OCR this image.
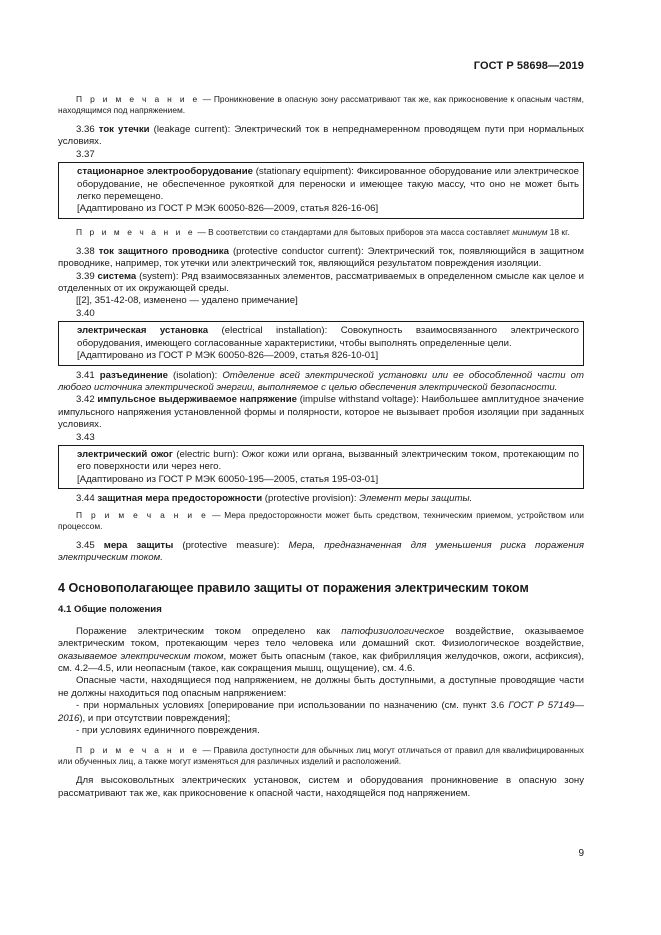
ГОСТ Р 58698—2019

П р и м е ч а н и е — Проникновение в опасную зону рассматривают так же, как прикосновение к опасным частям, находящимся под напряжением.

3.36 ток утечки (leakage current): Электрический ток в непреднамеренном проводящем пути при нормальных условиях.

3.37

стационарное электрооборудование (stationary equipment): Фиксированное оборудование или электрическое оборудование, не обеспеченное рукояткой для переноски и имеющее такую массу, что оно не может быть легко перемещено.

[Адаптировано из ГОСТ Р МЭК 60050-826—2009, статья 826-16-06]

П р и м е ч а н и е — В соответствии со стандартами для бытовых приборов эта масса составляет минимум 18 кг.

3.38 ток защитного проводника (protective conductor current): Электрический ток, появляющийся в защитном проводнике, например, ток утечки или электрический ток, являющийся результатом повреждения изоляции.

3.39 система (system): Ряд взаимосвязанных элементов, рассматриваемых в определенном смысле как целое и отделенных от их окружающей среды.

[[2], 351-42-08, изменено — удалено примечание]

3.40

электрическая установка (electrical installation): Совокупность взаимосвязанного электрического оборудования, имеющего согласованные характеристики, чтобы выполнять определенные цели.

[Адаптировано из ГОСТ Р МЭК 60050-826—2009, статья 826-10-01]

3.41 разъединение (isolation): Отделение всей электрической установки или ее обособленной части от любого источника электрической энергии, выполняемое с целью обеспечения электрической безопасности.

3.42 импульсное выдерживаемое напряжение (impulse withstand voltage): Наибольшее амплитудное значение импульсного напряжения установленной формы и полярности, которое не вызывает пробоя изоляции при заданных условиях.

3.43

электрический ожог (electric burn): Ожог кожи или органа, вызванный электрическим током, протекающим по его поверхности или через него.

[Адаптировано из ГОСТ Р МЭК 60050-195—2005, статья 195-03-01]

3.44 защитная мера предосторожности (protective provision): Элемент меры защиты.

П р и м е ч а н и е — Мера предосторожности может быть средством, техническим приемом, устройством или процессом.

3.45 мера защиты (protective measure): Мера, предназначенная для уменьшения риска поражения электрическим током.

4 Основополагающее правило защиты от поражения электрическим током
4.1 Общие положения

Поражение электрическим током определено как патофизиологическое воздействие, оказываемое электрическим током, протекающим через тело человека или домашний скот. Физиологическое воздействие, оказываемое электрическим током, может быть опасным (такое, как фибрилляция желудочков, ожоги, асфиксия), см. 4.2—4.5, или неопасным (такое, как сокращения мышц, ощущение), см. 4.6.

Опасные части, находящиеся под напряжением, не должны быть доступными, а доступные проводящие части не должны находиться под опасным напряжением:

- при нормальных условиях [оперирование при использовании по назначению (см. пункт 3.6 ГОСТ Р 57149—2016), и при отсутствии повреждения];

- при условиях единичного повреждения.

П р и м е ч а н и е — Правила доступности для обычных лиц могут отличаться от правил для квалифицированных или обученных лиц, а также могут изменяться для различных изделий и расположений.

Для высоковольтных электрических установок, систем и оборудования проникновение в опасную зону рассматривают так же, как прикосновение к опасной части, находящейся под напряжением.

9
